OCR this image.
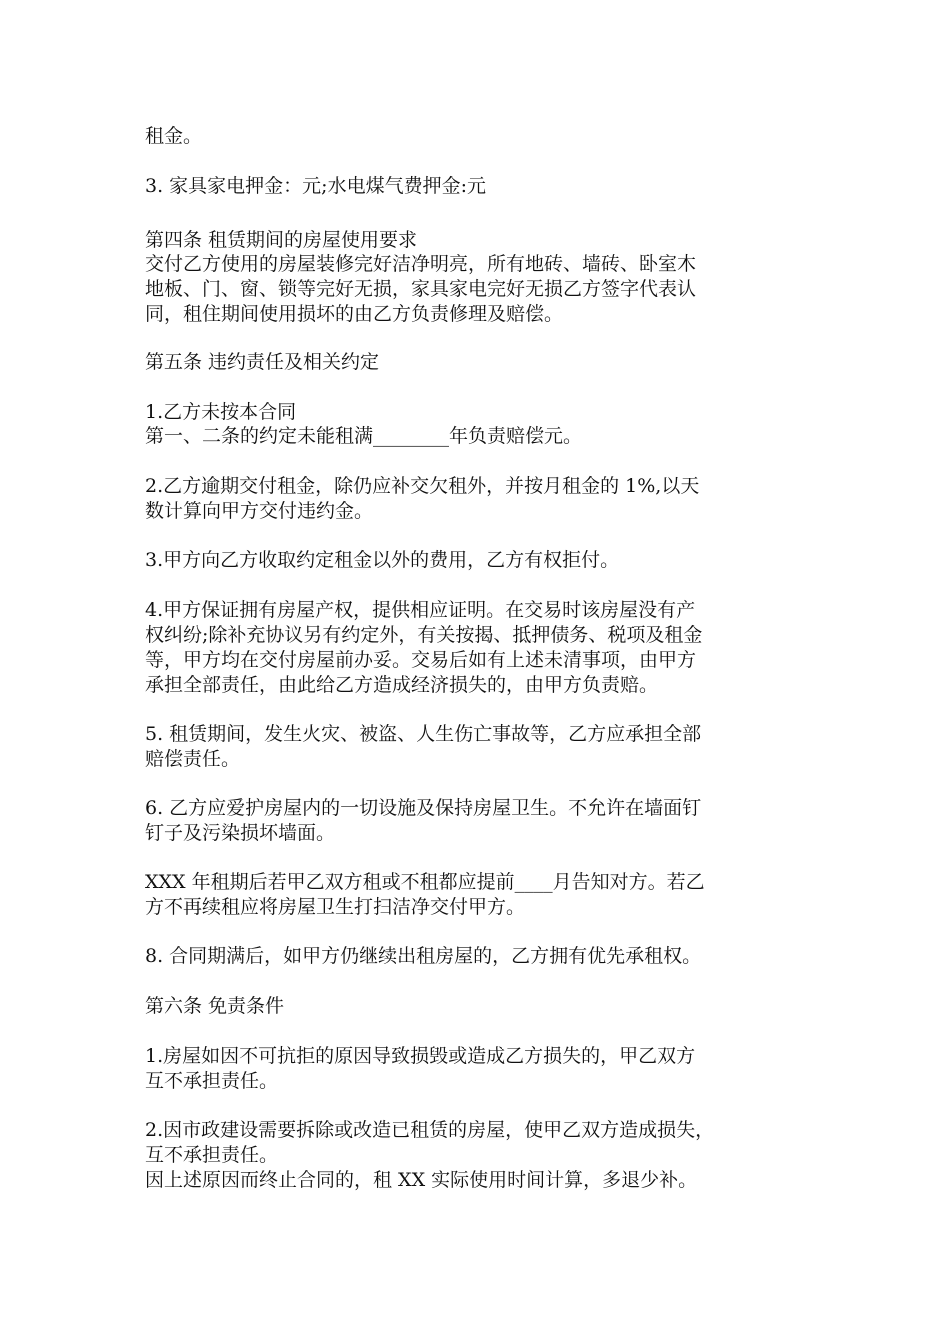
租金。
3. 家具家电押金：元;水电煤气费押金:元
第四条 租赁期间的房屋使用要求
交付乙方使用的房屋装修完好洁净明亮，所有地砖、墙砖、卧室木
地板、门、窗、锁等完好无损，家具家电完好无损乙方签字代表认
同，租住期间使用损坏的由乙方负责修理及赔偿。
第五条 违约责任及相关约定
1.乙方未按本合同
第一、二条的约定未能租满________年负责赔偿元。
2.乙方逾期交付租金，除仍应补交欠租外，并按月租金的 1%,以天
数计算向甲方交付违约金。
3.甲方向乙方收取约定租金以外的费用，乙方有权拒付。
4.甲方保证拥有房屋产权，提供相应证明。在交易时该房屋没有产
权纠纷;除补充协议另有约定外，有关按揭、抵押债务、税项及租金
等，甲方均在交付房屋前办妥。交易后如有上述未清事项，由甲方
承担全部责任，由此给乙方造成经济损失的，由甲方负责赔。
5. 租赁期间，发生火灾、被盗、人生伤亡事故等，乙方应承担全部
赔偿责任。
6. 乙方应爱护房屋内的一切设施及保持房屋卫生。不允许在墙面钉
钉子及污染损坏墙面。
XXX 年租期后若甲乙双方租或不租都应提前____月告知对方。若乙
方不再续租应将房屋卫生打扫洁净交付甲方。
8. 合同期满后，如甲方仍继续出租房屋的，乙方拥有优先承租权。
第六条 免责条件
1.房屋如因不可抗拒的原因导致损毁或造成乙方损失的，甲乙双方
互不承担责任。
2.因市政建设需要拆除或改造已租赁的房屋，使甲乙双方造成损失，
互不承担责任。
因上述原因而终止合同的，租 XX 实际使用时间计算，多退少补。
